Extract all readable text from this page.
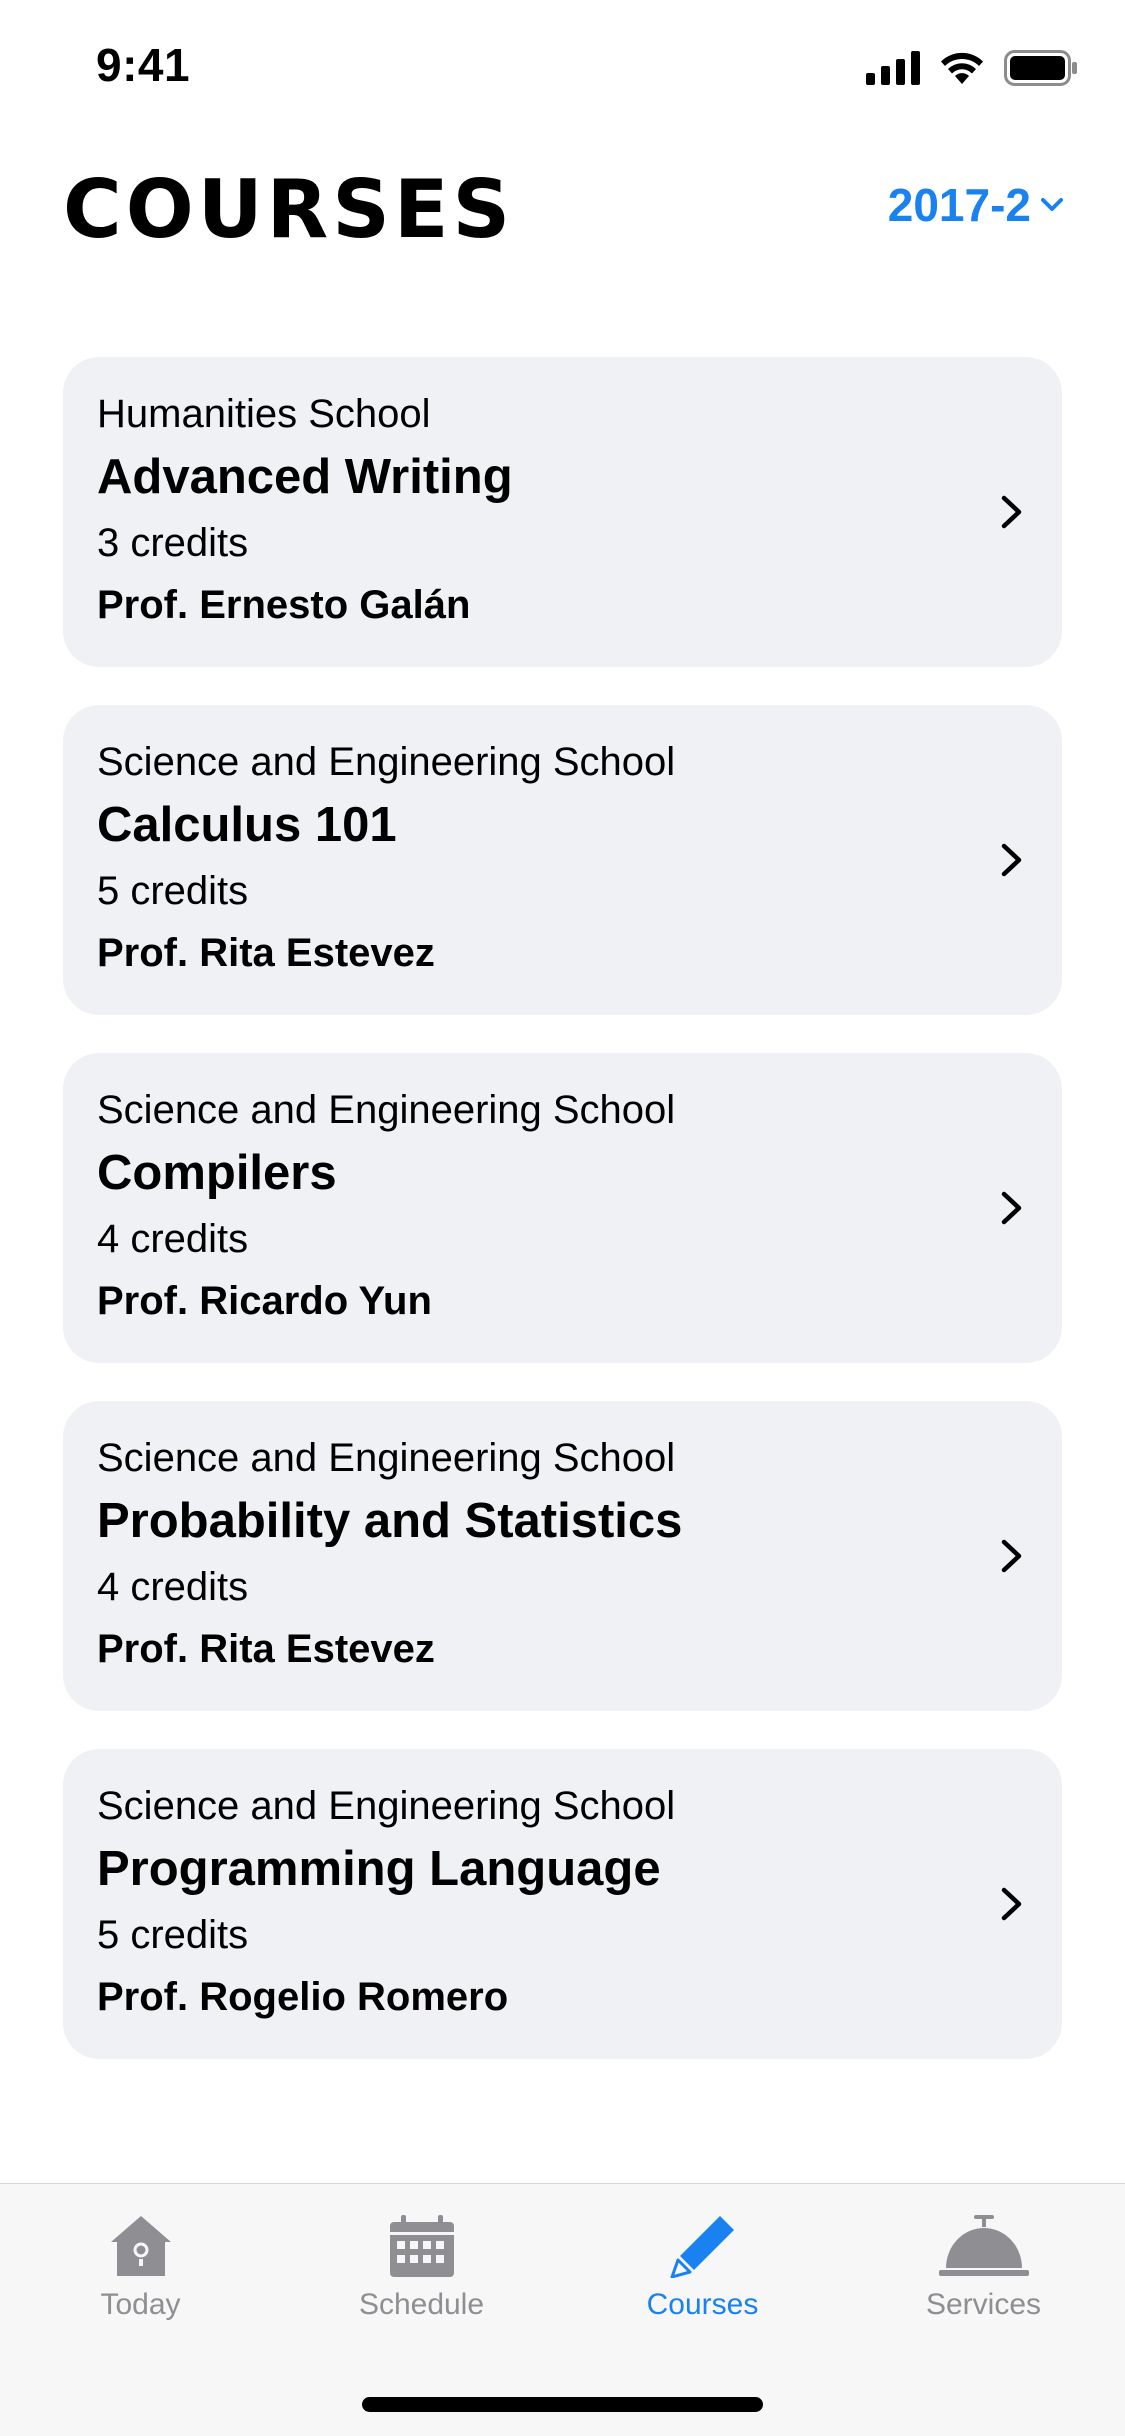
9:41
COURSES	2017-2
Humanities School
Advanced Writing
3 credits
Prof. Ernesto Galán
Science and Engineering School
Calculus 101
5 credits
Prof. Rita Estevez
Science and Engineering School
Compilers
4 credits
Prof. Ricardo Yun
Science and Engineering School
Probability and Statistics
4 credits
Prof. Rita Estevez
Science and Engineering School
Programming Language
5 credits
Prof. Rogelio Romero
Today	Schedule	Courses	Services
